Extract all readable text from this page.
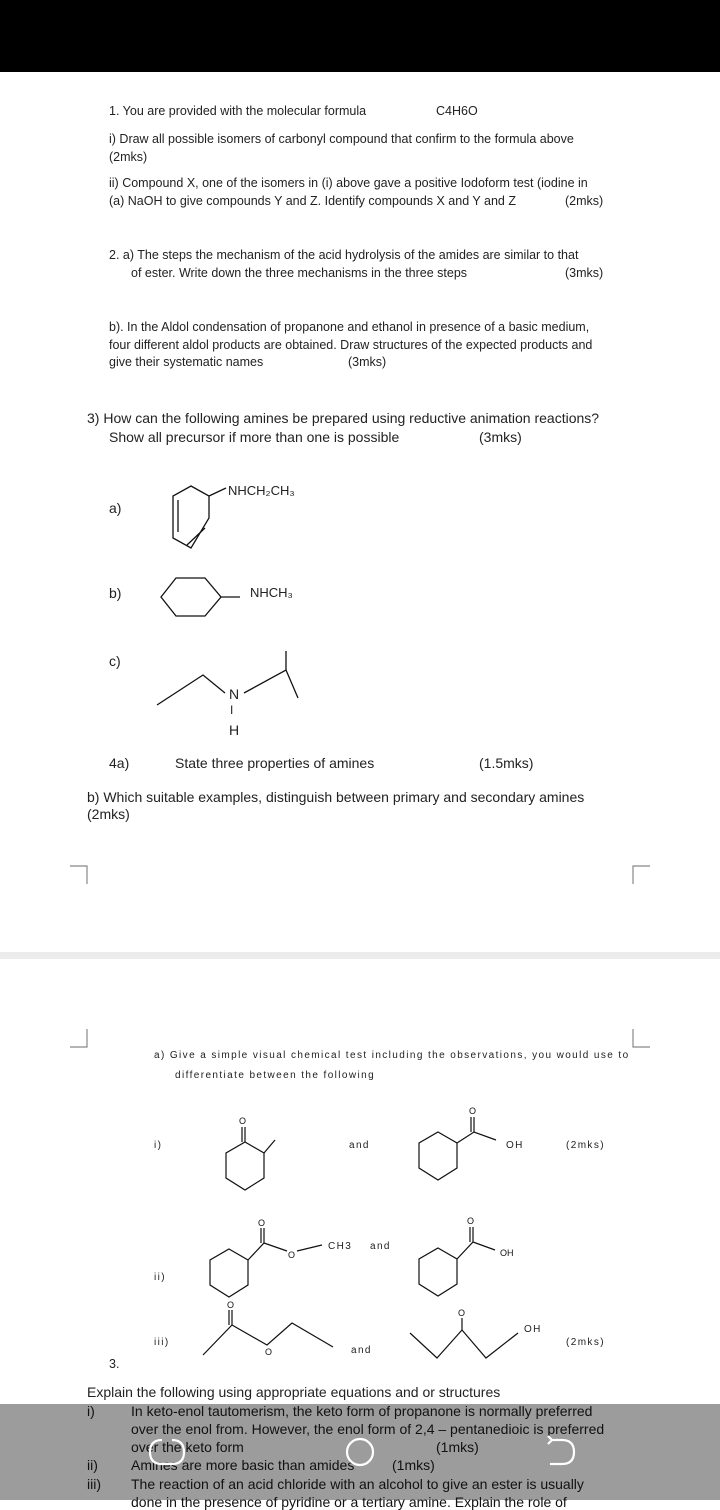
1. You are provided with the molecular formula	C4H6O
i) Draw all possible isomers of carbonyl compound that confirm to the formula above
(2mks)
ii) Compound X, one of the isomers in (i) above gave a positive Iodoform test (iodine in
(a) NaOH to give compounds Y and Z. Identify compounds X and Y and Z	(2mks)
2. a) The steps the mechanism of the acid hydrolysis of the amides are similar to that
of ester. Write down the three mechanisms in the three steps	(3mks)
b). In the Aldol condensation of propanone and ethanol in presence of a basic medium,
four different aldol products are obtained. Draw structures of the expected products and
give their systematic names	(3mks)
3) How can the following amines be prepared using reductive animation reactions?
Show all precursor if more than one is possible	(3mks)
a)
NHCH₂CH₃
b)	NHCH₃
c)
N
I
H
4a)	State three properties of amines	(1.5mks)
b) Which suitable examples, distinguish between primary and secondary amines
(2mks)
a) Give a simple visual chemical test including the observations, you would use to
differentiate between the following
i)	and	OH	(2mks)
O
O
ii)
CH3 and
O
O
O
OH
iii)
and
OH
(2mks)
O
O
O
3.
Explain the following using appropriate equations and or structures
i)	In keto-enol tautomerism, the keto form of propanone is normally preferred
over the enol from. However, the enol form of 2,4 – pentanedioic is preferred
over the keto form	(1mks)
ii) Amines are more basic than amides	(1mks)
iii) The reaction of an acid chloride with an alcohol to give an ester is usually
done in the presence of pyridine or a tertiary amine. Explain the role of
